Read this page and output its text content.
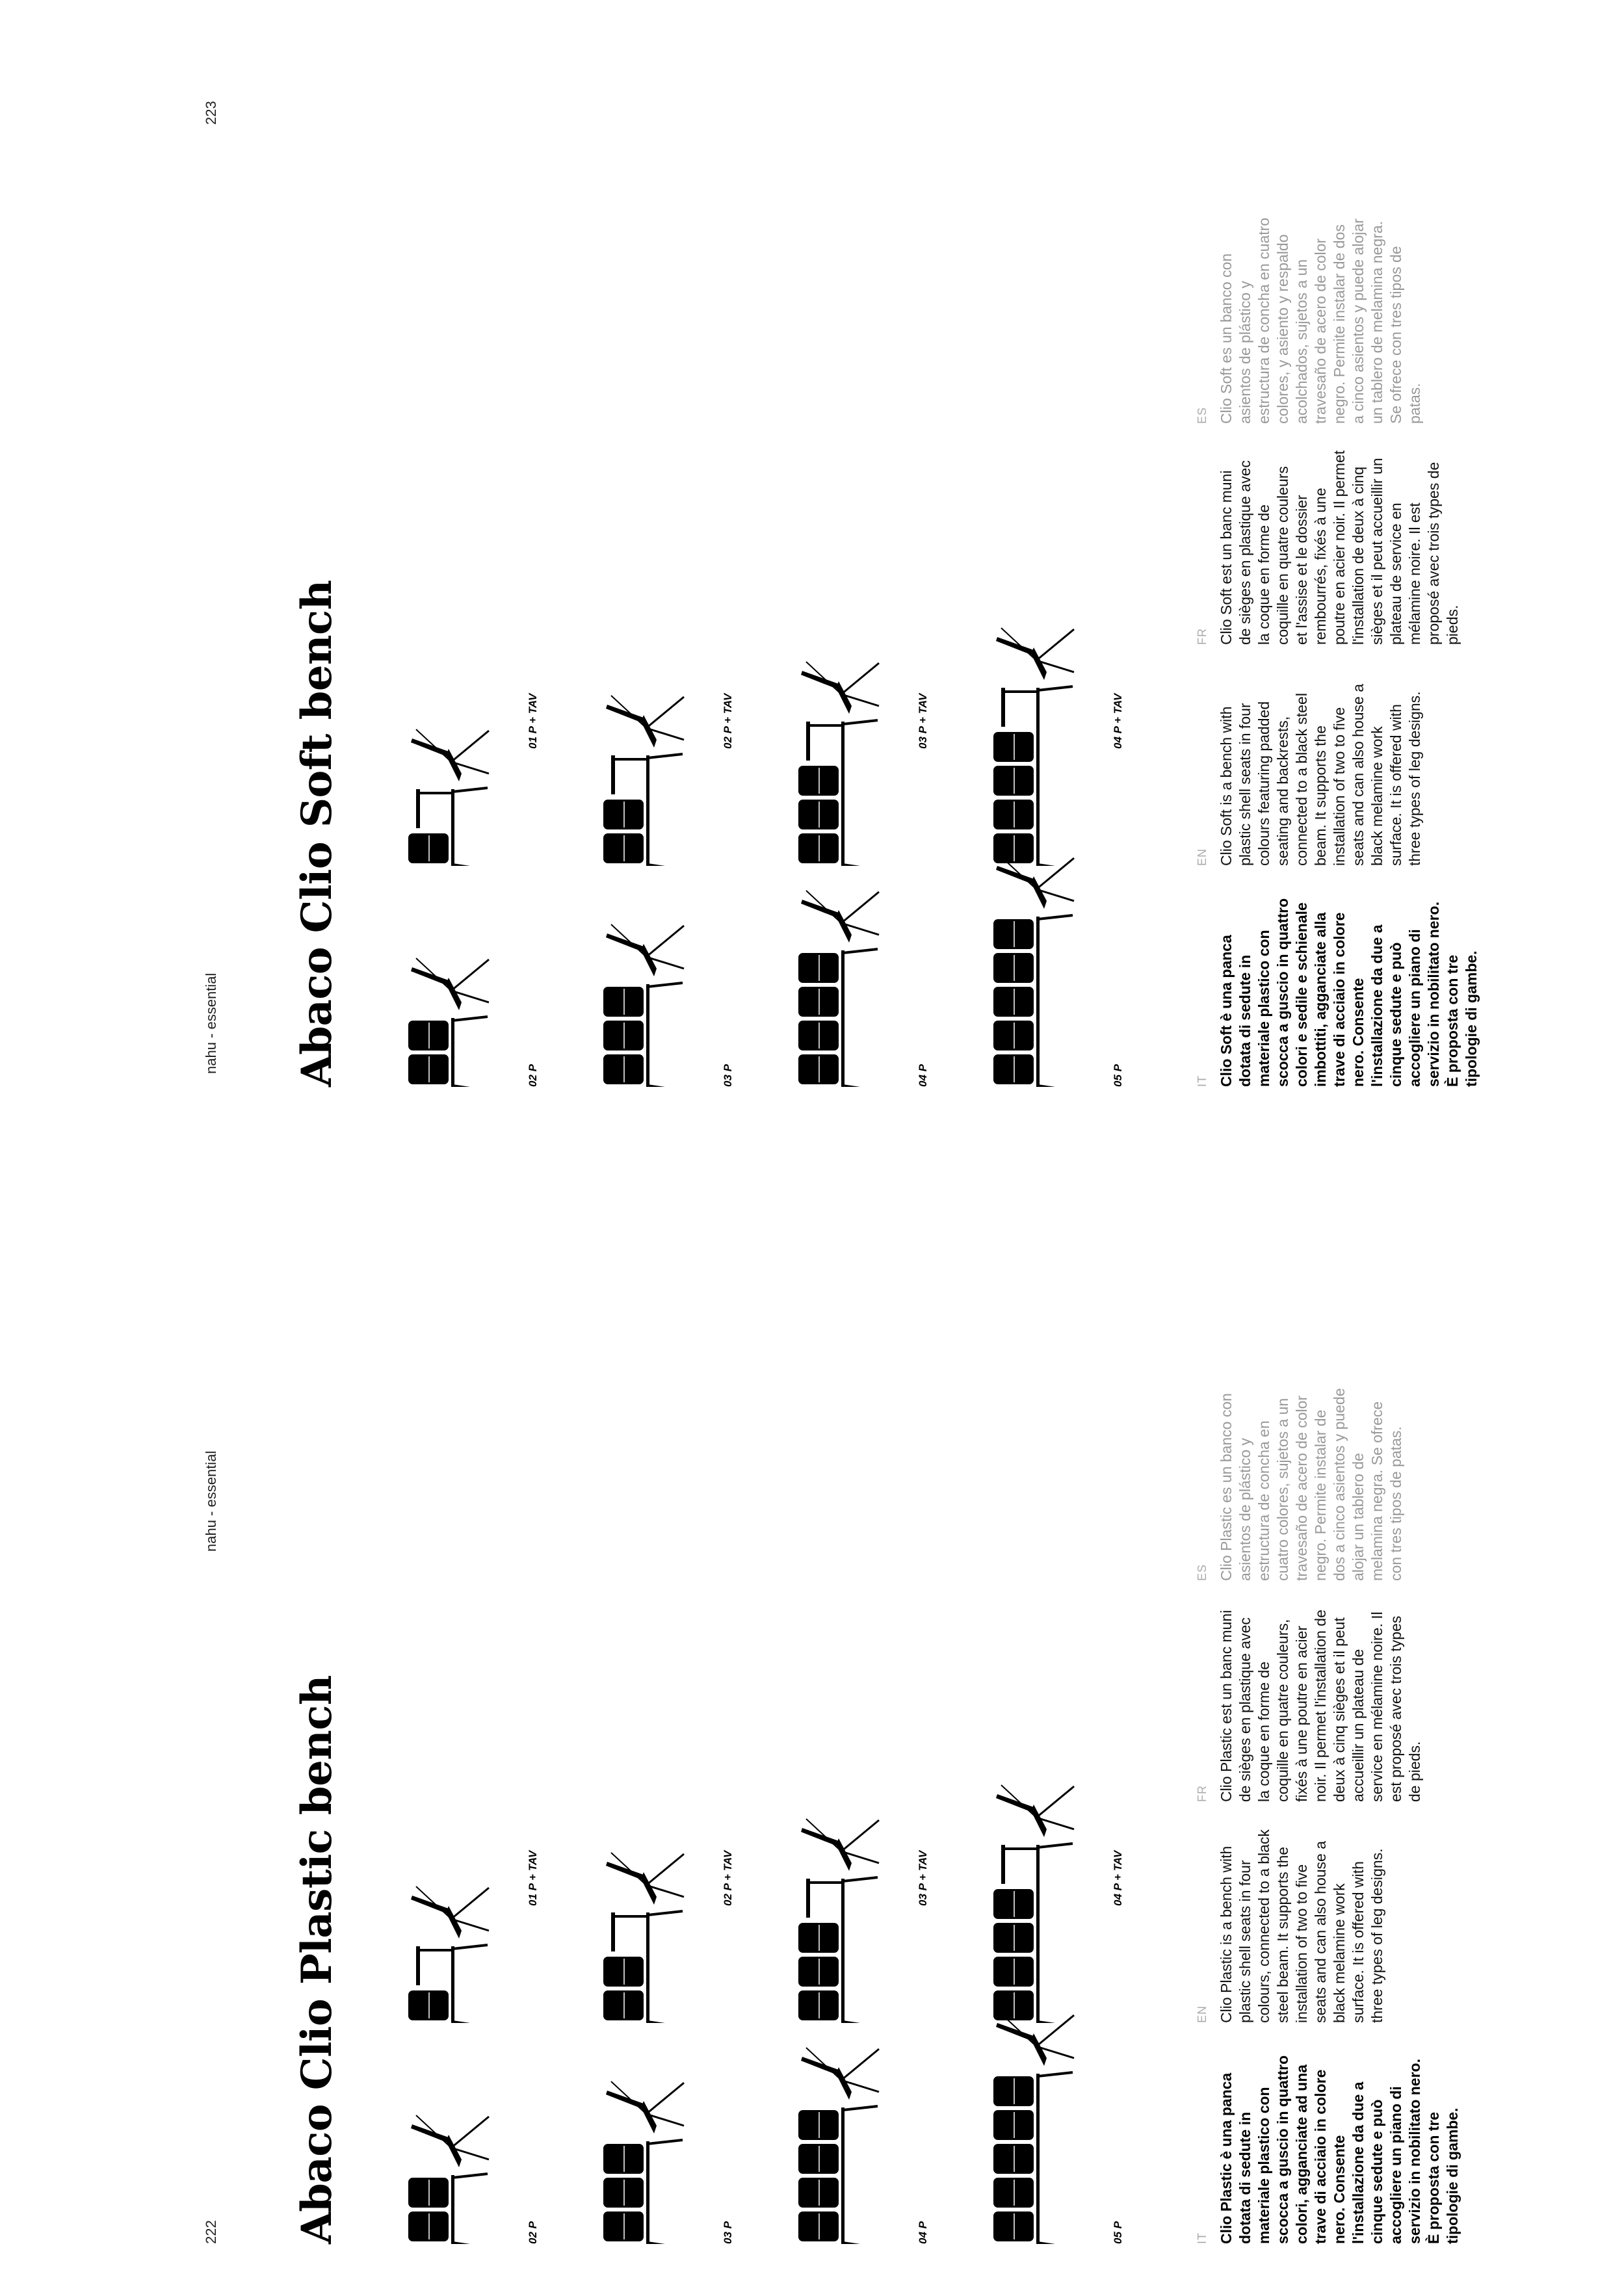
222
nahu - essential
Abaco Clio Plastic bench	02 P
01 P + TAV
03 P
02 P + TAV
04 P
03 P + TAV
05 P
04 P + TAV
IT Clio Plastic è una panca dotata di sedute in materiale plastico con scocca a guscio in quattro colori, agganciate ad una trave di acciaio in colore nero. Consente l'installazione da due a cinque sedute e può accogliere un piano di servizio in nobilitato nero. È proposta con tre tipologie di gambe.
EN Clio Plastic is a bench with plastic shell seats in four colours, connected to a black steel beam. It supports the installation of two to five seats and can also house a black melamine work surface. It is offered with three types of leg designs.
FR Clio Plastic est un banc muni de sièges en plastique avec la coque en forme de coquille en quatre couleurs, fixés à une poutre en acier noir. Il permet l'installation de deux à cinq sièges et il peut accueillir un plateau de service en mélamine noire. Il est proposé avec trois types de pieds.
ES Clio Plastic es un banco con asientos de plástico y estructura de concha en cuatro colores, sujetos a un travesaño de acero de color negro. Permite instalar de dos a cinco asientos y puede alojar un tablero de melamina negra. Se ofrece con tres tipos de patas.
nahu - essential
223
Abaco Clio Soft bench	02 P
01 P + TAV
03 P
02 P + TAV
04 P
03 P + TAV
05 P
04 P + TAV
IT Clio Soft è una panca dotata di sedute in materiale plastico con scocca a guscio in quattro colori e sedile e schienale imbottiti, agganciate alla trave di acciaio in colore nero. Consente l'installazione da due a cinque sedute e può accogliere un piano di servizio in nobilitato nero. È proposta con tre tipologie di gambe.
EN Clio Soft is a bench with plastic shell seats in four colours featuring padded seating and backrests, connected to a black steel beam. It supports the installation of two to five seats and can also house a black melamine work surface. It is offered with three types of leg designs.
FR Clio Soft est un banc muni de sièges en plastique avec la coque en forme de coquille en quatre couleurs et l'assise et le dossier rembourrés, fixés à une poutre en acier noir. Il permet l'installation de deux à cinq sièges et il peut accueillir un plateau de service en mélamine noire. Il est proposé avec trois types de pieds.
ES Clio Soft es un banco con asientos de plástico y estructura de concha en cuatro colores, y asiento y respaldo acolchados, sujetos a un travesaño de acero de color negro. Permite instalar de dos a cinco asientos y puede alojar un tablero de melamina negra. Se ofrece con tres tipos de patas.
